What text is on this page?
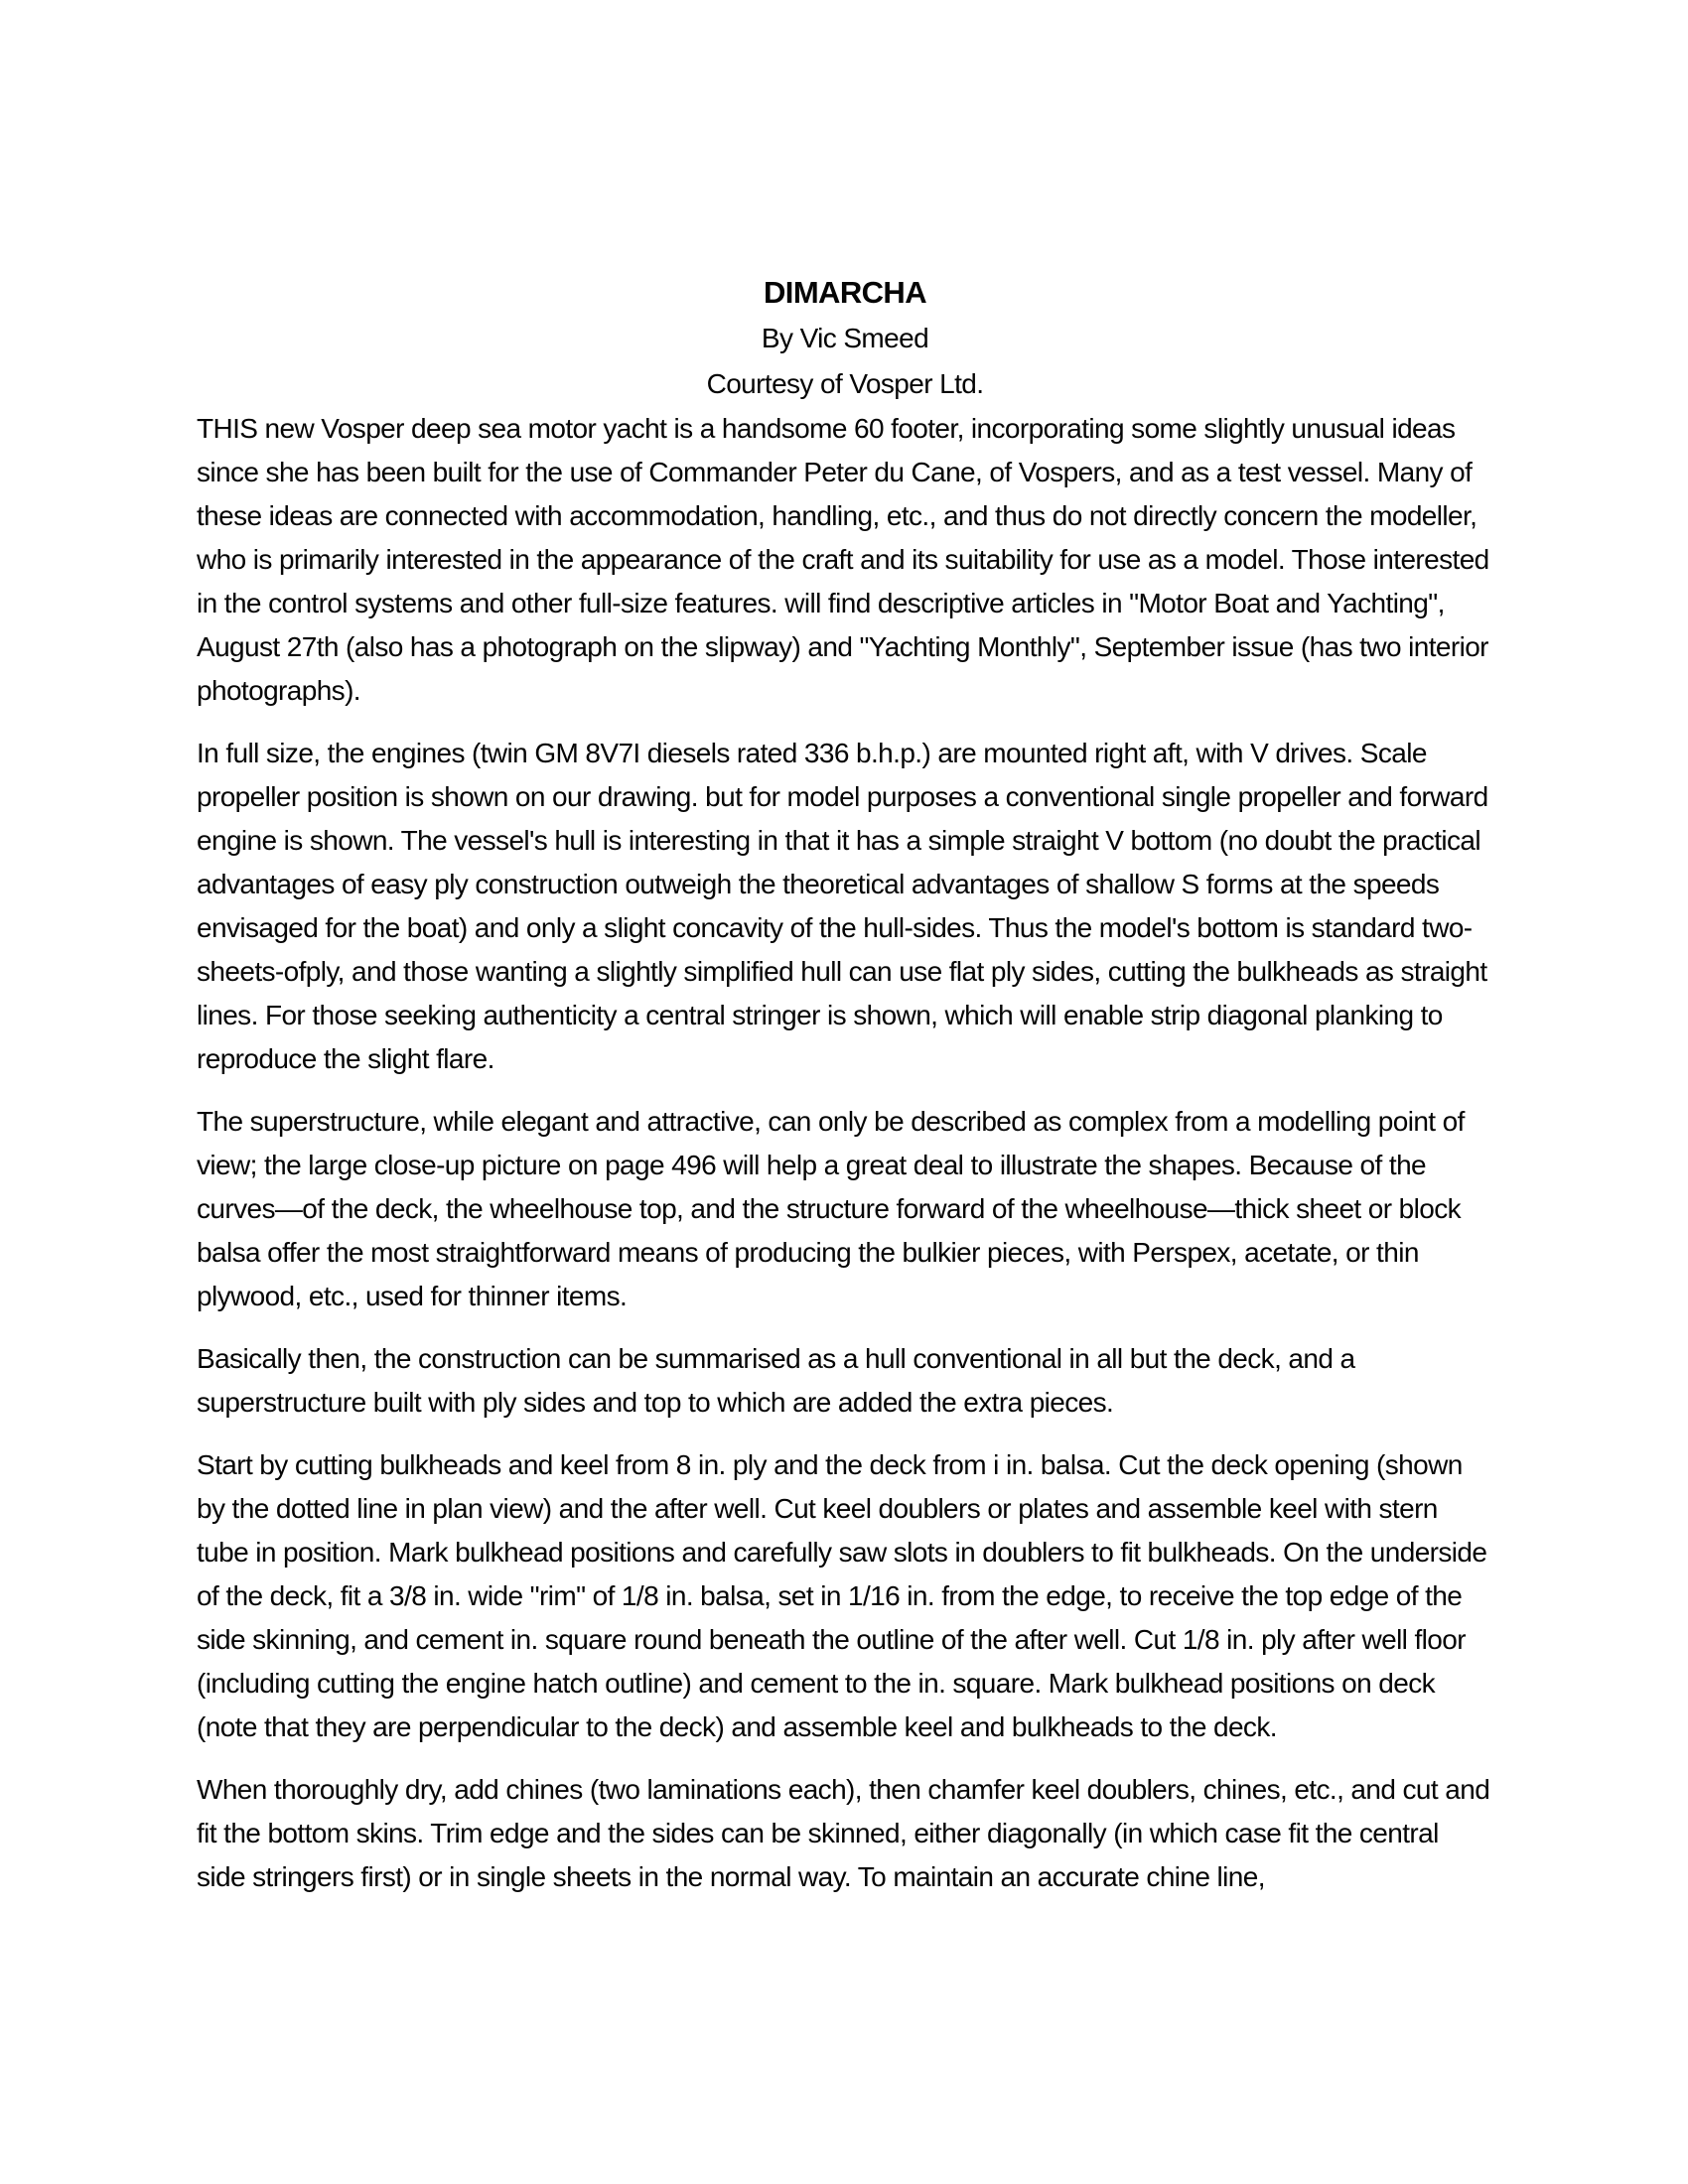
DIMARCHA
By Vic Smeed
Courtesy of Vosper Ltd.

THIS new Vosper deep sea motor yacht is a handsome 60 footer, incorporating some slightly unusual ideas since she has been built for the use of Commander Peter du Cane, of Vospers, and as a test vessel. Many of these ideas are connected with accommodation, handling, etc., and thus do not directly concern the modeller, who is primarily interested in the appearance of the craft and its suitability for use as a model. Those interested in the control systems and other full-size features. will find descriptive articles in "Motor Boat and Yachting", August 27th (also has a photograph on the slipway) and "Yachting Monthly", September issue (has two interior photographs).

In full size, the engines (twin GM 8V7I diesels rated 336 b.h.p.) are mounted right aft, with V drives. Scale propeller position is shown on our drawing. but for model purposes a conventional single propeller and forward engine is shown. The vessel's hull is interesting in that it has a simple straight V bottom (no doubt the practical advantages of easy ply construction outweigh the theoretical advantages of shallow S forms at the speeds envisaged for the boat) and only a slight concavity of the hull-sides. Thus the model's bottom is standard two-sheets-ofply, and those wanting a slightly simplified hull can use flat ply sides, cutting the bulkheads as straight lines. For those seeking authenticity a central stringer is shown, which will enable strip diagonal planking to reproduce the slight flare.

The superstructure, while elegant and attractive, can only be described as complex from a modelling point of view; the large close-up picture on page 496 will help a great deal to illustrate the shapes. Because of the curves—of the deck, the wheelhouse top, and the structure forward of the wheelhouse—thick sheet or block balsa offer the most straightforward means of producing the bulkier pieces, with Perspex, acetate, or thin plywood, etc., used for thinner items.

Basically then, the construction can be summarised as a hull conventional in all but the deck, and a superstructure built with ply sides and top to which are added the extra pieces.

Start by cutting bulkheads and keel from 8 in. ply and the deck from i in. balsa. Cut the deck opening (shown by the dotted line in plan view) and the after well. Cut keel doublers or plates and assemble keel with stern tube in position. Mark bulkhead positions and carefully saw slots in doublers to fit bulkheads. On the underside of the deck, fit a 3/8 in. wide "rim" of 1/8 in. balsa, set in 1/16 in. from the edge, to receive the top edge of the side skinning, and cement in. square round beneath the outline of the after well. Cut 1/8 in. ply after well floor (including cutting the engine hatch outline) and cement to the in. square. Mark bulkhead positions on deck (note that they are perpendicular to the deck) and assemble keel and bulkheads to the deck.

When thoroughly dry, add chines (two laminations each), then chamfer keel doublers, chines, etc., and cut and fit the bottom skins. Trim edge and the sides can be skinned, either diagonally (in which case fit the central side stringers first) or in single sheets in the normal way. To maintain an accurate chine line,
